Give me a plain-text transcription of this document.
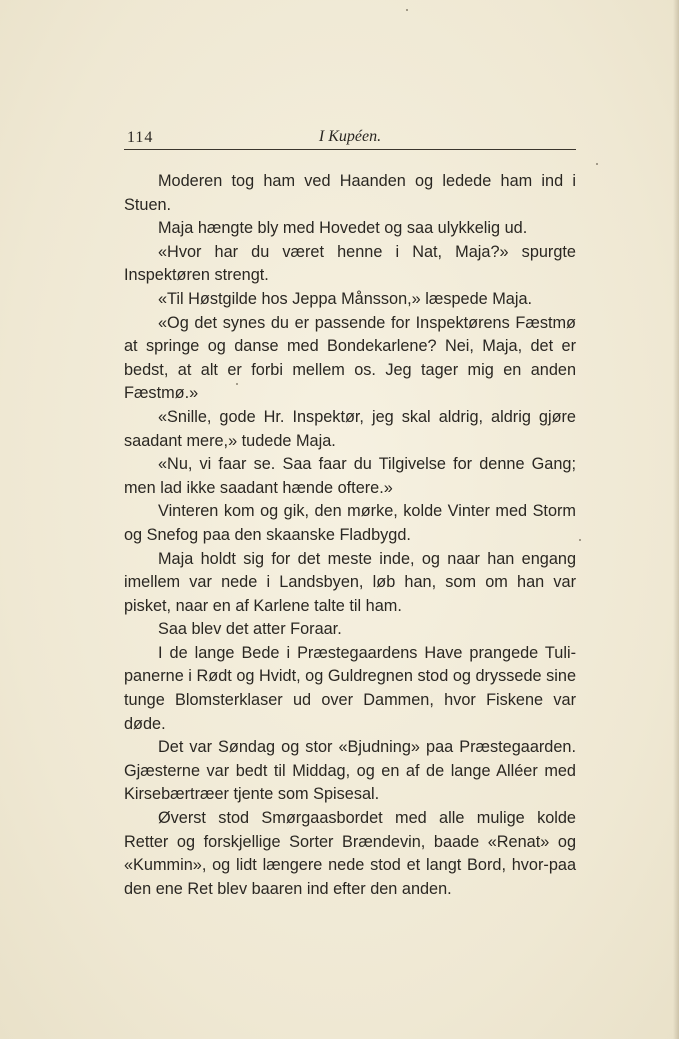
114	I Kupéen.

Moderen tog ham ved Haanden og ledede ham ind i Stuen.

Maja hængte bly med Hovedet og saa ulykkelig ud.

«Hvor har du været henne i Nat, Maja?» spurgte Inspektøren strengt.

«Til Høstgilde hos Jeppa Månsson,» læspede Maja.

«Og det synes du er passende for Inspektørens Fæstmø at springe og danse med Bondekarlene? Nei, Maja, det er bedst, at alt er forbi mellem os. Jeg tager mig en anden Fæstmø.»

«Snille, gode Hr. Inspektør, jeg skal aldrig, aldrig gjøre saadant mere,» tudede Maja.

«Nu, vi faar se. Saa faar du Tilgivelse for denne Gang; men lad ikke saadant hænde oftere.»

Vinteren kom og gik, den mørke, kolde Vinter med Storm og Snefog paa den skaanske Fladbygd.

Maja holdt sig for det meste inde, og naar han engang imellem var nede i Landsbyen, løb han, som om han var pisket, naar en af Karlene talte til ham.

Saa blev det atter Foraar.

I de lange Bede i Præstegaardens Have prangede Tuli-panerne i Rødt og Hvidt, og Guldregnen stod og dryssede sine tunge Blomsterklaser ud over Dammen, hvor Fiskene var døde.

Det var Søndag og stor «Bjudning» paa Præstegaarden. Gjæsterne var bedt til Middag, og en af de lange Alléer med Kirsebærtræer tjente som Spisesal.

Øverst stod Smørgaasbordet med alle mulige kolde Retter og forskjellige Sorter Brændevin, baade «Renat» og «Kummin», og lidt længere nede stod et langt Bord, hvor-paa den ene Ret blev baaren ind efter den anden.
